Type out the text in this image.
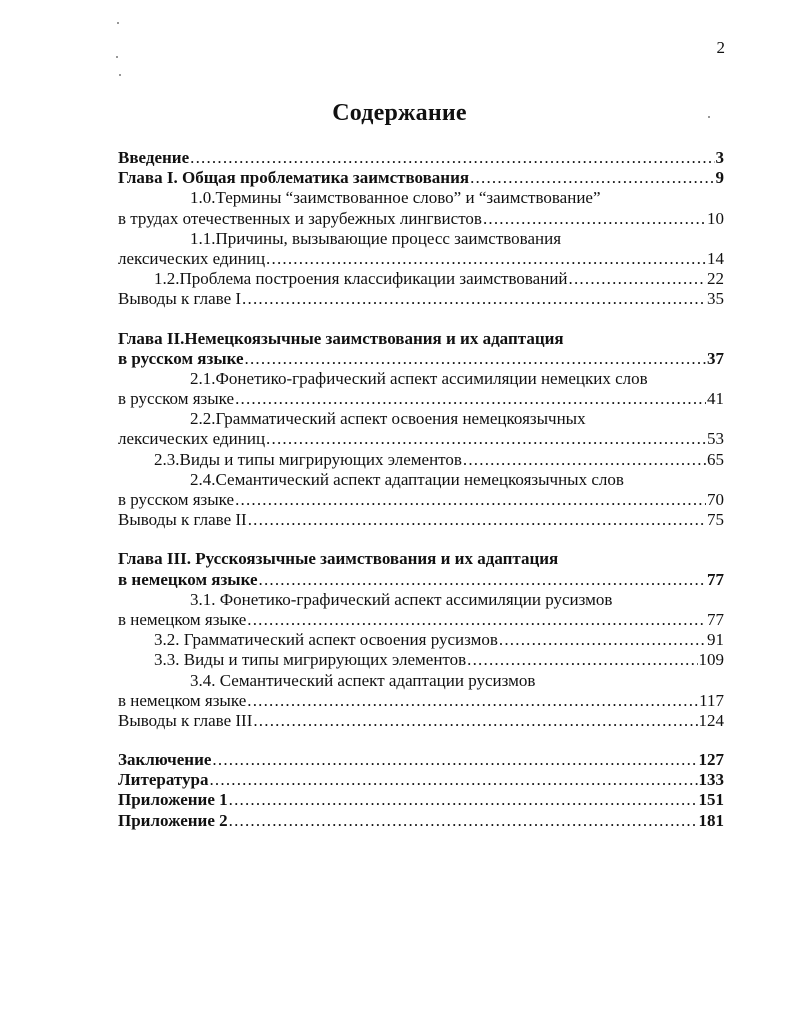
2
Содержание
Введение .....	3
Глава I. Общая проблематика заимствования .....	9
1.0.Термины “заимствованное слово” и “заимствование”
в трудах отечественных и зарубежных лингвистов .....	10
1.1.Причины, вызывающие процесс заимствования
лексических единиц .....	14
1.2.Проблема построения классификации заимствований .....	22
Выводы к главе I .....	35
Глава II.Немецкоязычные заимствования и их адаптация
в русском языке .....	37
2.1.Фонетико-графический аспект ассимиляции немецких слов
в русском языке .....	41
2.2.Грамматический аспект освоения немецкоязычных
лексических единиц .....	53
2.3.Виды и типы мигрирующих элементов .....	65
2.4.Семантический аспект адаптации немецкоязычных слов
в русском языке .....	70
Выводы к главе II .....	75
Глава III. Русскоязычные заимствования и их адаптация
в немецком языке .....	77
3.1. Фонетико-графический аспект ассимиляции русизмов
в немецком языке .....	77
3.2. Грамматический аспект освоения русизмов .....	91
3.3. Виды и типы мигрирующих элементов .....	109
3.4. Семантический аспект адаптации русизмов
в немецком языке .....	117
Выводы к главе III .....	124
Заключение .....	127
Литература .....	133
Приложение 1 .....	151
Приложение 2 .....	181
